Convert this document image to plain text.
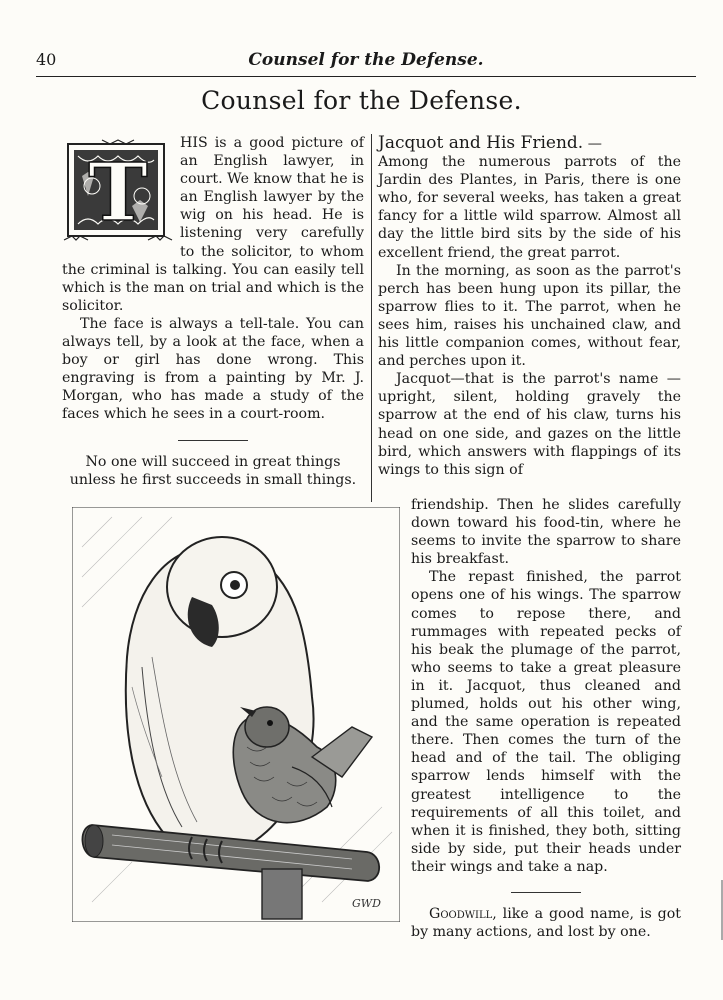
40	Counsel for the Defense.
Counsel for the Defense.
T

HIS is a good picture of an English lawyer, in court. We know that he is an English lawyer by the wig on his head. He is listening very carefully to the solicitor, to whom the criminal is talking. You can easily tell which is the man on trial and which is the solicitor.

The face is always a tell-tale. You can always tell, by a look at the face, when a boy or girl has done wrong. This engraving is from a painting by Mr. J. Morgan, who has made a study of the faces which he sees in a court-room.

No one will succeed in great things unless he first succeeds in small things.

Jacquot and His Friend. —

Among the numerous parrots of the Jardin des Plantes, in Paris, there is one who, for several weeks, has taken a great fancy for a little wild sparrow. Almost all day the little bird sits by the side of his excellent friend, the great parrot.

In the morning, as soon as the parrot's perch has been hung upon its pillar, the sparrow flies to it. The parrot, when he sees him, raises his unchained claw, and his little companion comes, without fear, and perches upon it.

Jacquot—that is the parrot's name —upright, silent, holding gravely the sparrow at the end of his claw, turns his head on one side, and gazes on the little bird, which answers with flappings of its wings to this sign of

friendship. Then he slides carefully down toward his food-tin, where he seems to invite the sparrow to share his breakfast.

The repast finished, the parrot opens one of his wings. The sparrow comes to repose there, and rummages with repeated pecks of his beak the plumage of the parrot, who seems to take a great pleasure in it. Jacquot, thus cleaned and plumed, holds out his other wing, and the same operation is repeated there. Then comes the turn of the head and of the tail. The obliging sparrow lends himself with the greatest intelligence to the requirements of all this toilet, and when it is finished, they both, sitting side by side, put their heads under their wings and take a nap.

Goodwill, like a good name, is got by many actions, and lost by one.

GWD
